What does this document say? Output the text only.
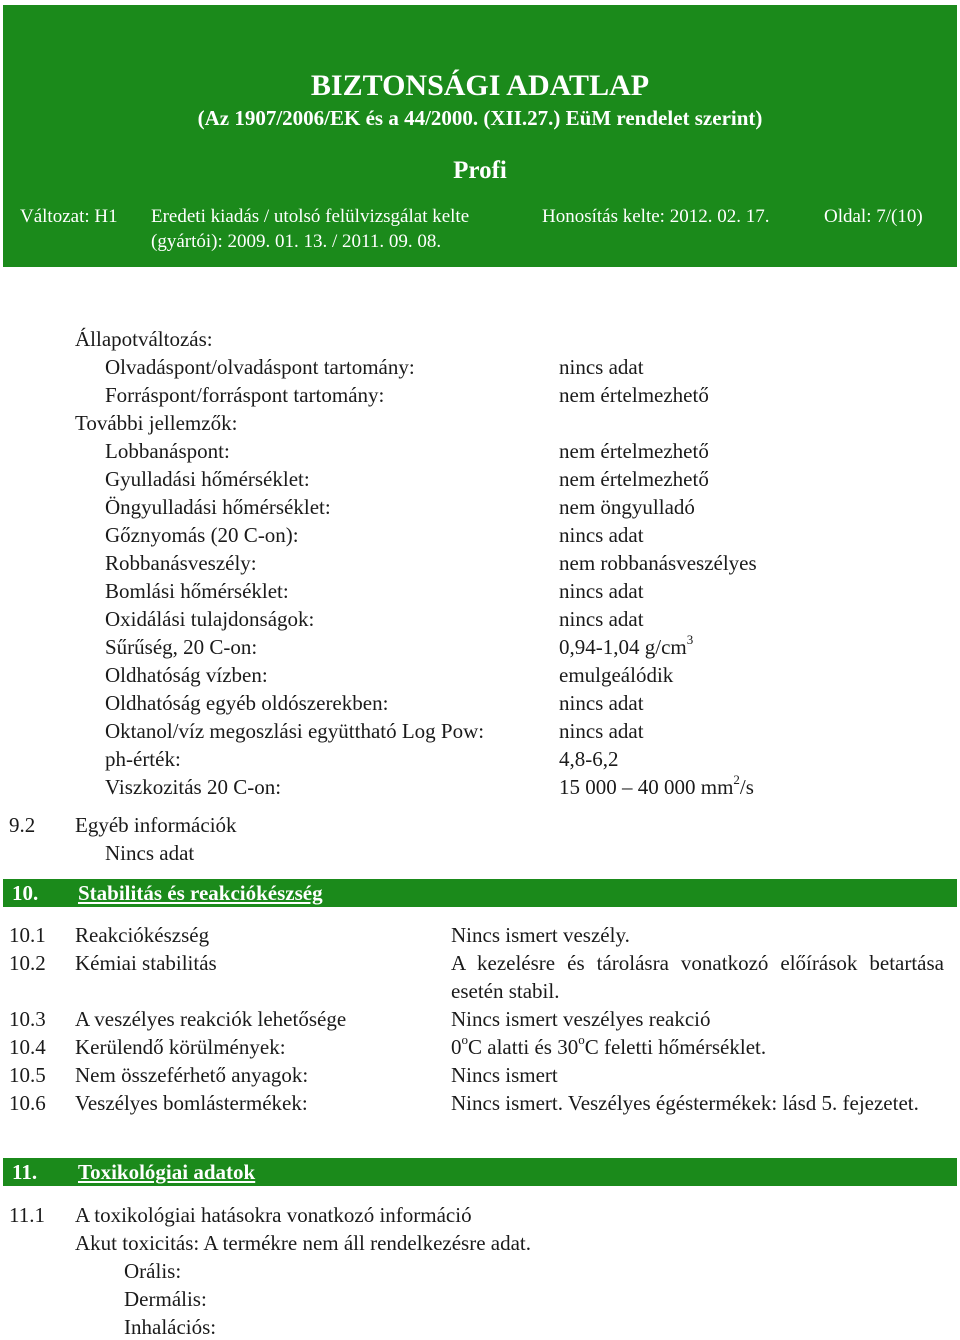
BIZTONSÁGI ADATLAP
(Az 1907/2006/EK és a 44/2000. (XII.27.) EüM rendelet szerint)
Profi
Változat: H1 Eredeti kiadás / utolsó felülvizsgálat kelte
(gyártói): 2009. 01. 13. / 2011. 09. 08.
Honosítás kelte: 2012. 02. 17.	Oldal: 7/(10)
Állapotváltozás:
Olvadáspont/olvadáspont tartomány:	nincs adat
Forráspont/forráspont tartomány:	nem értelmezhető
További jellemzők:
Lobbanáspont:	nem értelmezhető
Gyulladási hőmérséklet:	nem értelmezhető
Öngyulladási hőmérséklet:	nem öngyulladó
Gőznyomás (20 C-on):	nincs adat
Robbanásveszély:	nem robbanásveszélyes
Bomlási hőmérséklet:	nincs adat
Oxidálási tulajdonságok:	nincs adat
Sűrűség, 20 C-on:	0,94-1,04 $g/cm^3$
Oldhatóság vízben:	emulgeálódik
Oldhatóság egyéb oldószerekben:	nincs adat
Oktanol/víz megoszlási együttható Log Pow:	nincs adat
ph-érték:	4,8-6,2
Viszkozitás 20 C-on:	15 000 – 40 000 $mm^2/s$
9.2 Egyéb információk
Nincs adat
10. Stabilitás és reakciókészség
10.1 Reakciókészség	Nincs ismert veszély.
10.2 Kémiai stabilitás	A kezelésre és tárolásra vonatkozó előírások betartása esetén stabil.
10.3 A veszélyes reakciók lehetősége	Nincs ismert veszélyes reakció
10.4 Kerülendő körülmények:	0$^o$C alatti és 30$^o$C feletti hőmérséklet.
10.5 Nem összeférhető anyagok:	Nincs ismert
10.6 Veszélyes bomlástermékek:	Nincs ismert. Veszélyes égéstermékek: lásd 5. fejezetet.
11. Toxikológiai adatok
11.1 A toxikológiai hatásokra vonatkozó információ
Akut toxicitás: A termékre nem áll rendelkezésre adat.
Orális:
Dermális:
Inhalációs:
